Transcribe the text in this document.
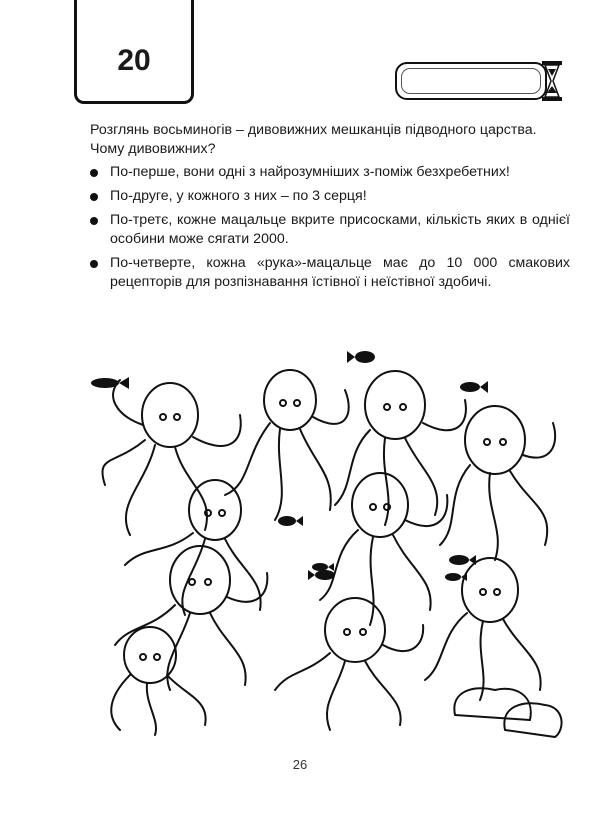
20
Розглянь восьминогів – дивовижних мешканців підводного царства. Чому дивовижних?
По-перше, вони одні з найрозумніших з-поміж безхребетних!
По-друге, у кожного з них – по 3 серця!
По-третє, кожне мацальце вкрите присосками, кількість яких в однієї особини може сягати 2000.
По-четверте, кожна «рука»-мацальце має до 10 000 смакових рецепторів для розпізнавання їстівної і неїстівної здобичі.
26
